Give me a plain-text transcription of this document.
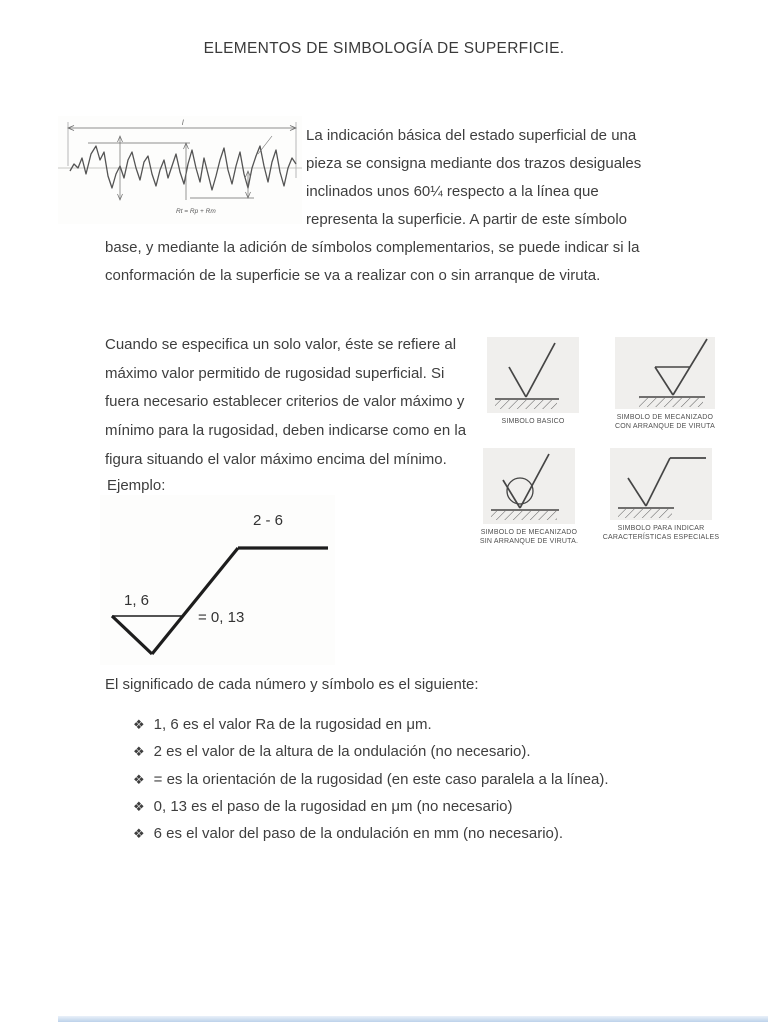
ELEMENTOS DE SIMBOLOGÍA DE SUPERFICIE.
l
Rt = Rp + Rm
La indicación básica del estado superficial de una
pieza se consigna mediante dos trazos desiguales
inclinados unos 60¼ respecto a la línea que
representa la superficie. A partir de este símbolo
base, y mediante la adición de símbolos complementarios, se puede indicar si la
conformación de la superficie se va a realizar con o sin arranque de viruta.
Cuando se especifica un solo valor, éste se refiere al
máximo valor permitido de rugosidad superficial. Si
fuera necesario establecer criterios de valor máximo y
mínimo para la rugosidad, deben indicarse como en la
figura situando el valor máximo encima del mínimo.
SIMBOLO BASICO
SIMBOLO DE MECANIZADO
CON ARRANQUE DE VIRUTA
SIMBOLO DE MECANIZADO
SIN ARRANQUE DE VIRUTA.
SIMBOLO PARA INDICAR
CARACTERÍSTICAS ESPECIALES
Ejemplo:
2 - 6
1, 6
= 0, 13
El significado de cada número y símbolo es el siguiente:
❖ 1, 6 es el valor Ra de la rugosidad en μm.
❖ 2 es el valor de la altura de la ondulación (no necesario).
❖ = es la orientación de la rugosidad (en este caso paralela a la línea).
❖ 0, 13 es el paso de la rugosidad en μm (no necesario)
❖ 6 es el valor del paso de la ondulación en mm (no necesario).
